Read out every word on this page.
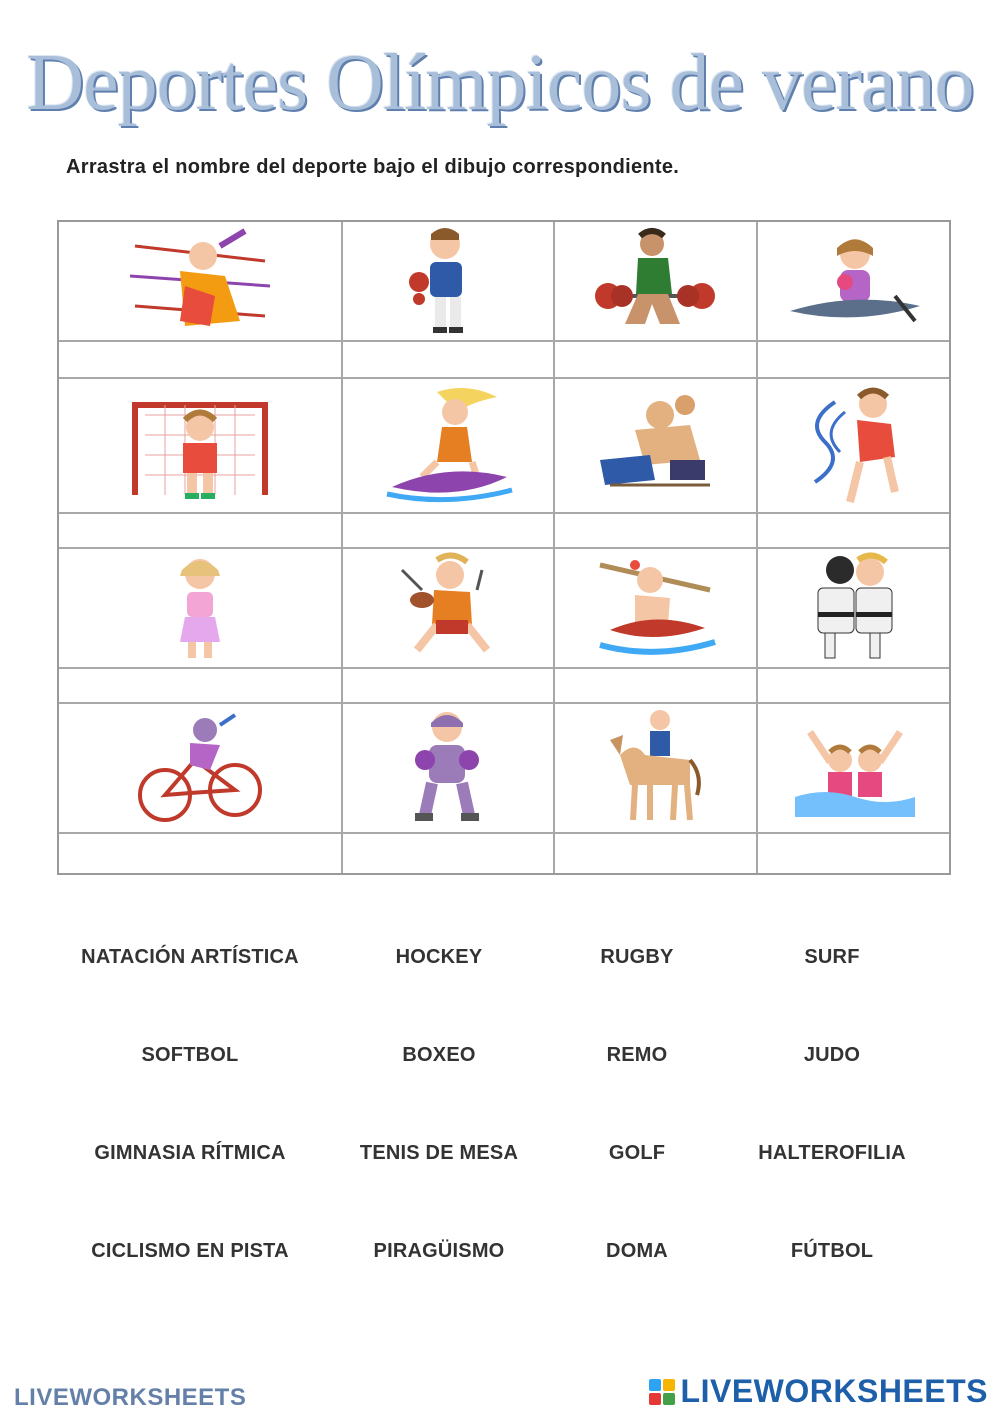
Deportes Olímpicos de verano
Arrastra el nombre del deporte bajo el dibujo correspondiente.
NATACIÓN ARTÍSTICA	HOCKEY	RUGBY	SURF
SOFTBOL	BOXEO	REMO	JUDO
GIMNASIA RÍTMICA	TENIS DE MESA	GOLF	HALTEROFILIA
CICLISMO EN PISTA	PIRAGÜISMO	DOMA	FÚTBOL
LIVEWORKSHEETS	LIVEWORKSHEETS
